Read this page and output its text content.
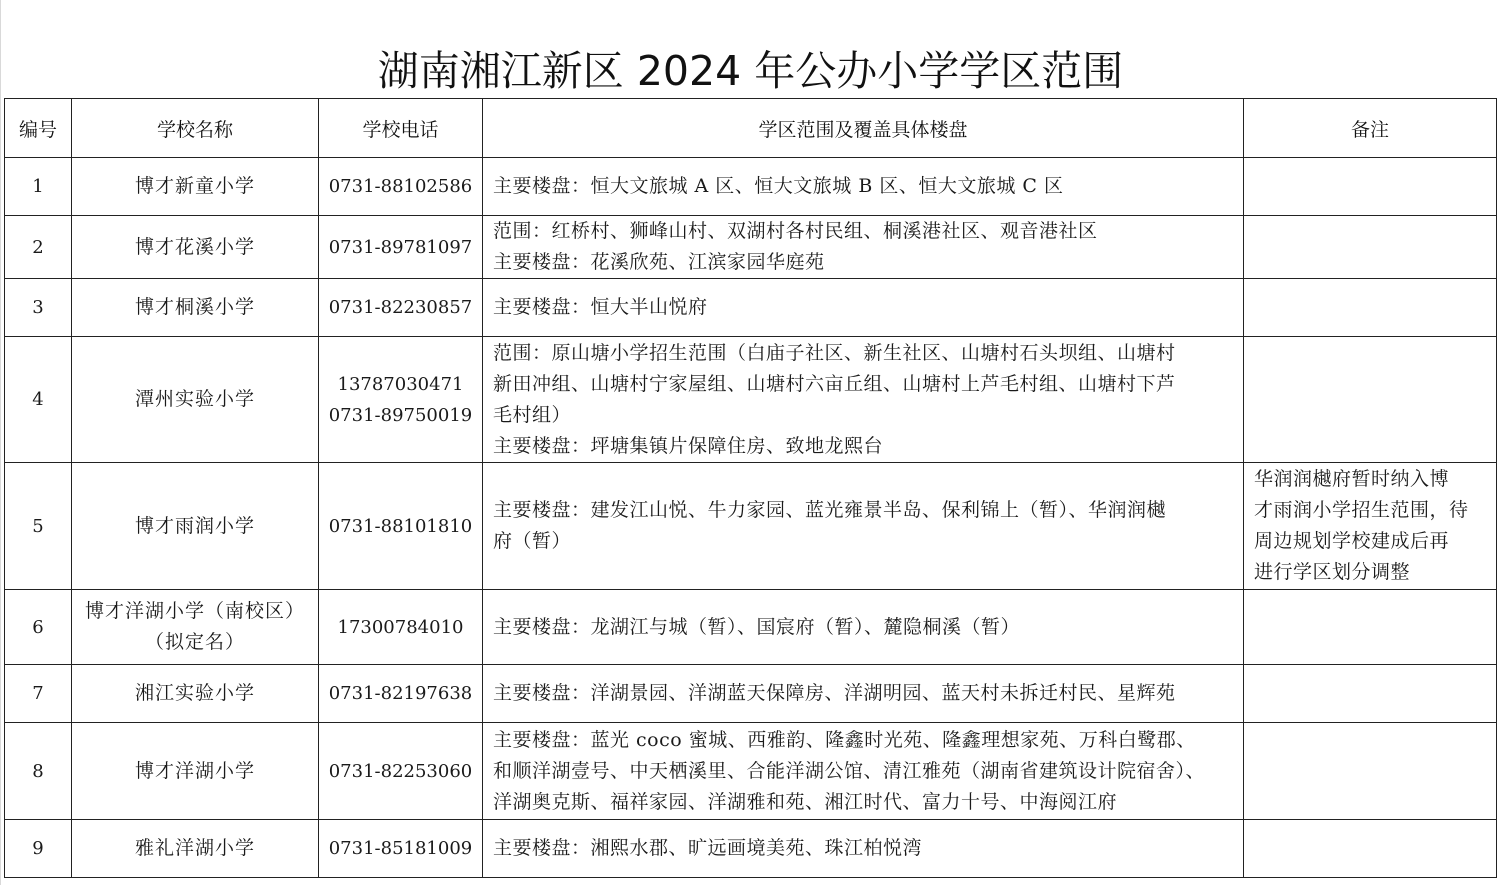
湖南湘江新区 2024 年公办小学学区范围
编号	学校名称	学校电话	学区范围及覆盖具体楼盘	备注
1	博才新童小学	0731-88102586	主要楼盘：恒大文旅城 A 区、恒大文旅城 B 区、恒大文旅城 C 区	

2	博才花溪小学	0731-89781097	范围：红桥村、狮峰山村、双湖村各村民组、桐溪港社区、观音港社区
主要楼盘：花溪欣苑、江滨家园华庭苑	

3	博才桐溪小学	0731-82230857	主要楼盘：恒大半山悦府	

4	潭州实验小学	13787030471
0731-89750019	范围：原山塘小学招生范围（白庙子社区、新生社区、山塘村石头坝组、山塘村
新田冲组、山塘村宁家屋组、山塘村六亩丘组、山塘村上芦毛村组、山塘村下芦
毛村组）
主要楼盘：坪塘集镇片保障住房、致地龙熙台	

5	博才雨润小学	0731-88101810	主要楼盘：建发江山悦、牛力家园、蓝光雍景半岛、保利锦上（暂）、华润润樾
府（暂）	华润润樾府暂时纳入博
才雨润小学招生范围，待
周边规划学校建成后再
进行学区划分调整

6	博才洋湖小学（南校区）
（拟定名）	17300784010	主要楼盘：龙湖江与城（暂）、国宸府（暂）、麓隐桐溪（暂）	

7	湘江实验小学	0731-82197638	主要楼盘：洋湖景园、洋湖蓝天保障房、洋湖明园、蓝天村未拆迁村民、星辉苑	

8	博才洋湖小学	0731-82253060	主要楼盘：蓝光 coco 蜜城、西雅韵、隆鑫时光苑、隆鑫理想家苑、万科白鹭郡、
和顺洋湖壹号、中天栖溪里、合能洋湖公馆、清江雅苑（湖南省建筑设计院宿舍）、
洋湖奥克斯、福祥家园、洋湖雅和苑、湘江时代、富力十号、中海阅江府	

9	雅礼洋湖小学	0731-85181009	主要楼盘：湘熙水郡、旷远画境美苑、珠江柏悦湾	
